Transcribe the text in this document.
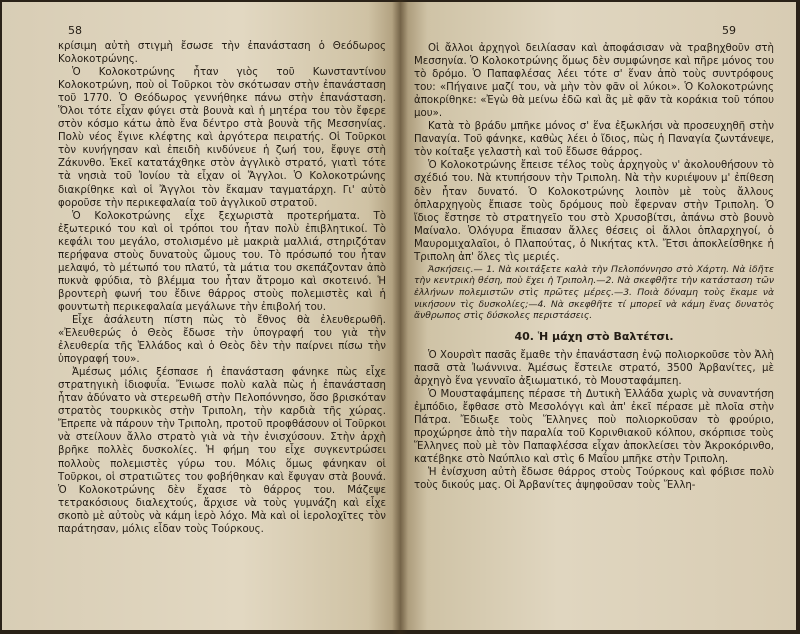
58

κρίσιμη αὐτὴ στιγμὴ ἔσωσε τὴν ἐπανάσταση ὁ Θεόδωρος Κολοκοτρώνης.

Ὁ Κολοκοτρώνης ἦταν γιὸς τοῦ Κωνσταντίνου Κολοκοτρώνη, ποὺ οἱ Τοῦρκοι τὸν σκότωσαν στὴν ἐπανάσταση τοῦ 1770. Ὁ Θεόδωρος γεννήθηκε πάνω στὴν ἐπανάσταση. Ὅλοι τότε εἶχαν φύγει στὰ βουνὰ καὶ ἡ μητέρα του τὸν ἔφερε στὸν κόσμο κάτω ἀπὸ ἕνα δέντρο στὰ βουνὰ τῆς Μεσσηνίας. Πολὺ νέος ἔγινε κλέφτης καὶ ἀργότερα πειρατής. Οἱ Τοῦρκοι τὸν κυνήγησαν καὶ ἐπειδὴ κινδύνευε ἡ ζωή του, ἔφυγε στὴ Ζάκυνθο. Ἐκεῖ κατατάχθηκε στὸν ἀγγλικὸ στρατό, γιατὶ τότε τὰ νησιὰ τοῦ Ἰονίου τὰ εἶχαν οἱ Ἄγγλοι. Ὁ Κολοκοτρώνης διακρίθηκε καὶ οἱ Ἄγγλοι τὸν ἔκαμαν ταγματάρχη. Γι' αὐτὸ φοροῦσε τὴν περικεφαλαία τοῦ ἀγγλικοῦ στρατοῦ.

Ὁ Κολοκοτρώνης εἶχε ξεχωριστὰ προτερήματα. Τὸ ἐξωτερικό του καὶ οἱ τρόποι του ἦταν πολὺ ἐπιβλητικοί. Τὸ κεφάλι του μεγάλο, στολισμένο μὲ μακριὰ μαλλιά, στηριζόταν περήφανα στοὺς δυνατοὺς ὤμους του. Τὸ πρόσωπό του ἦταν μελαψό, τὸ μέτωπό του πλατύ, τὰ μάτια του σκεπάζονταν ἀπὸ πυκνὰ φρύδια, τὸ βλέμμα του ἦταν ἄτρομο καὶ σκοτεινό. Ἡ βροντερὴ φωνή του ἔδινε θάρρος στοὺς πολεμιστὲς καὶ ἡ φουντωτὴ περικεφαλαία μεγάλωνε τὴν ἐπιβολή του.

Εἶχε ἀσάλευτη πίστη πὼς τὸ ἔθνος θὰ ἐλευθερωθῆ. «Ἐλευθερώς ὁ Θεὸς ἔδωσε τὴν ὑπογραφή του γιὰ τὴν ἐλευθερία τῆς Ἑλλάδος καὶ ὁ Θεὸς δὲν τὴν παίρνει πίσω τὴν ὑπογραφή του».

Ἀμέσως μόλις ξέσπασε ἡ ἐπανάσταση φάνηκε πὼς εἶχε στρατηγικὴ ἰδιοφυΐα. Ἔνιωσε πολὺ καλὰ πὼς ἡ ἐπανάσταση ἦταν ἀδύνατο νὰ στερεωθῆ στὴν Πελοπόννησο, ὅσο βρισκόταν στρατὸς τουρκικὸς στὴν Τριπολη, τὴν καρδιὰ τῆς χώρας. Ἔπρεπε νὰ πάρουν τὴν Τριπολη, προτοῦ προφθάσουν οἱ Τοῦρκοι νὰ στείλουν ἄλλο στρατὸ γιὰ νὰ τὴν ἐνισχύσουν. Στὴν ἀρχὴ βρῆκε πολλὲς δυσκολίες. Ἡ φήμη του εἶχε συγκεντρώσει πολλοὺς πολεμιστὲς γύρω του. Μόλις ὅμως φάνηκαν οἱ Τοῦρκοι, οἱ στρατιῶτες του φοβήθηκαν καὶ ἔφυγαν στὰ βουνά. Ὁ Κολοκοτρώνης δὲν ἔχασε τὸ θάρρος του. Μάζεψε τετρακόσιους διαλεχτούς, ἄρχισε νὰ τοὺς γυμνάζη καὶ εἶχε σκοπὸ μὲ αὐτοὺς νὰ κάμη ἱερὸ λόχο. Μὰ καὶ οἱ ἱερολοχῖτες τὸν παράτησαν, μόλις εἶδαν τοὺς Τούρκους.

59

Οἱ ἄλλοι ἀρχηγοὶ δειλίασαν καὶ ἀποφάσισαν νὰ τραβηχθοῦν στὴ Μεσσηνία. Ὁ Κολοκοτρώνης ὅμως δὲν συμφώνησε καὶ πῆρε μόνος του τὸ δρόμο. Ὁ Παπαφλέσας λέει τότε σ' ἕναν ἀπὸ τοὺς συντρόφους του: «Πήγαινε μαζί του, νὰ μὴν τὸν φᾶν οἱ λύκοι». Ὁ Κολοκοτρώνης ἀποκρίθηκε: «Ἐγὼ θὰ μείνω ἐδῶ καὶ ἂς μὲ φᾶν τὰ κοράκια τοῦ τόπου μου».

Κατὰ τὸ βράδυ μπῆκε μόνος σ' ἕνα ἐξωκλήσι νὰ προσευχηθῆ στὴν Παναγία. Τοῦ φάνηκε, καθὼς λέει ὁ ἴδιος, πὼς ἡ Παναγία ζωντάνεψε, τὸν κοίταξε γελαστὴ καὶ τοῦ ἔδωσε θάρρος.

Ὁ Κολοκοτρώνης ἔπεισε τέλος τοὺς ἀρχηγοὺς ν' ἀκολουθήσουν τὸ σχέδιό του. Νὰ κτυπήσουν τὴν Τριπολη. Νὰ τὴν κυριέψουν μ' ἐπίθεση δὲν ἦταν δυνατό. Ὁ Κολοκοτρώνης λοιπὸν μὲ τοὺς ἄλλους ὁπλαρχηγοὺς ἔπιασε τοὺς δρόμους ποὺ ἔφερναν στὴν Τριπολη. Ὁ ἴδιος ἔστησε τὸ στρατηγεῖο του στὸ Χρυσοβίτσι, ἀπάνω στὸ βουνὸ Μαίναλο. Ὁλόγυρα ἔπιασαν ἄλλες θέσεις οἱ ἄλλοι ὁπλαρχηγοί, ὁ Μαυρομιχαλαῖοι, ὁ Πλαπούτας, ὁ Νικήτας κτλ. Ἔτσι ἀποκλείσθηκε ἡ Τριπολη ἀπ' ὅλες τὶς μεριές.

Ἀσκήσεις.— 1. Νὰ κοιτάξετε καλὰ τὴν Πελοπόννησο στὸ Χάρτη. Νὰ ἰδῆτε τὴν κεντρικὴ θέση, ποὺ ἔχει ἡ Τριπολη.—2. Νὰ σκεφθῆτε τὴν κατάσταση τῶν ἑλλήνων πολεμιστῶν στὶς πρῶτες μέρες.—3. Ποιὰ δύναμη τοὺς ἔκαμε νὰ νικήσουν τὶς δυσκολίες;—4. Νὰ σκεφθῆτε τί μπορεῖ νὰ κάμη ἕνας δυνατὸς ἄνθρωπος στὶς δύσκολες περιστάσεις.

40. Ἡ μάχη στὸ Βαλτέτσι.

Ὁ Χουρσὶτ πασᾶς ἔμαθε τὴν ἐπανάσταση ἐνῷ πολιορκοῦσε τὸν Ἀλὴ πασᾶ στὰ Ἰωάννινα. Ἀμέσως ἔστειλε στρατό, 3500 Ἀρβανίτες, μὲ ἀρχηγὸ ἕνα γενναῖο ἀξιωματικό, τὸ Μουσταφάμπεη.

Ὁ Μουσταφάμπεης πέρασε τὴ Δυτικὴ Ἑλλάδα χωρὶς νὰ συναντήση ἐμπόδιο, ἔφθασε στὸ Μεσολόγγι καὶ ἀπ' ἐκεῖ πέρασε μὲ πλοῖα στὴν Πάτρα. Ἔδιωξε τοὺς Ἕλληνες ποὺ πολιορκοῦσαν τὸ φρούριο, προχώρησε ἀπὸ τὴν παραλία τοῦ Κορινθιακοῦ κόλπου, σκόρπισε τοὺς Ἕλληνες ποὺ μὲ τὸν Παπαφλέσσα εἶχαν ἀποκλείσει τὸν Ἀκροκόρινθο, κατέβηκε στὸ Ναύπλιο καὶ στὶς 6 Μαΐου μπῆκε στὴν Τριπολη.

Ἡ ἐνίσχυση αὐτὴ ἔδωσε θάρρος στοὺς Τούρκους καὶ φόβισε πολὺ τοὺς δικούς μας. Οἱ Ἀρβανίτες ἀψηφοῦσαν τοὺς Ἕλλη-
